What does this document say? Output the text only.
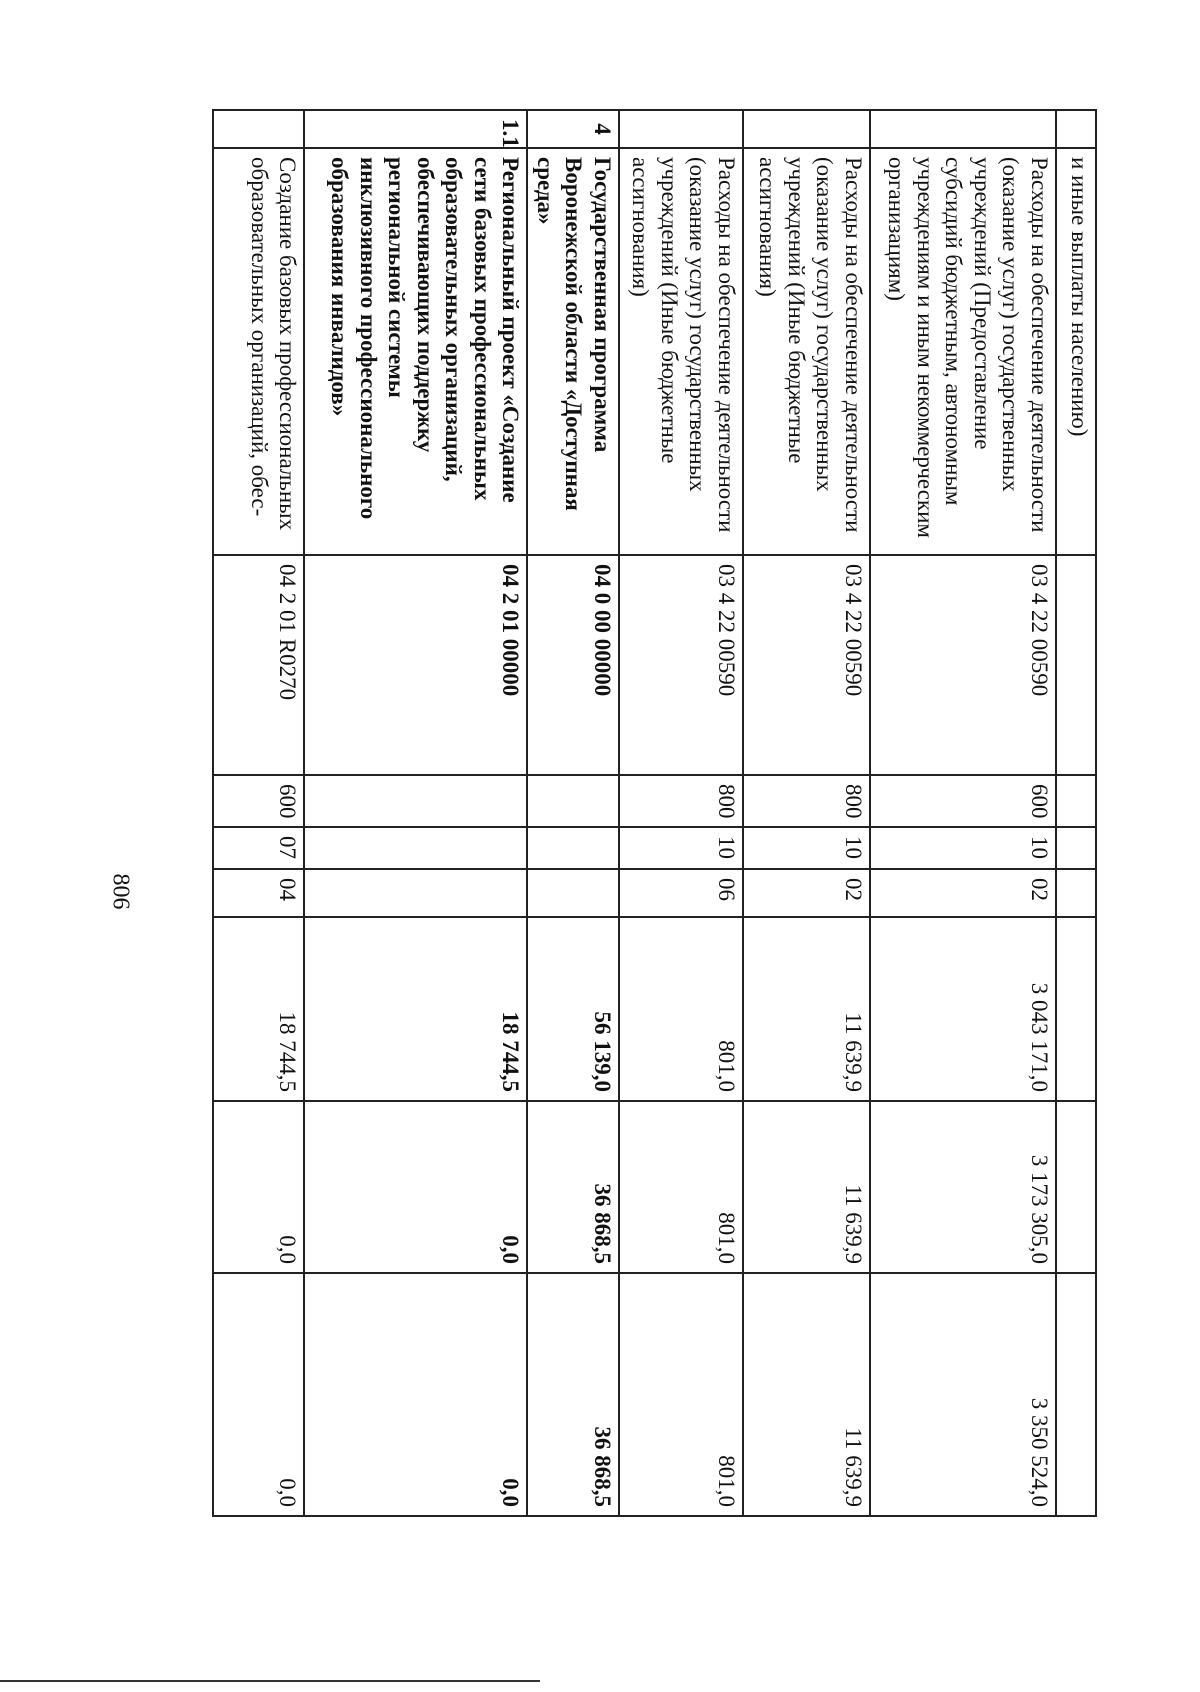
806
	и иные выплаты населению)							
	Расходы на обеспечение деятельности (оказание услуг) государственных учреждений (Предоставление субсидий бюджетным, автономным учреждениям и иным некоммерческим организациям)	03 4 22 00590	600	10	02	3 043 171,0	3 173 305,0	3 350 524,0
	Расходы на обеспечение деятельности (оказание услуг) государственных учреждений (Иные бюджетные ассигнования)	03 4 22 00590	800	10	02	11 639,9	11 639,9	11 639,9
	Расходы на обеспечение деятельности (оказание услуг) государственных учреждений (Иные бюджетные ассигнования)	03 4 22 00590	800	10	06	801,0	801,0	801,0
4	Государственная программа Воронежской области «Доступная среда»	04 0 00 00000				56 139,0	36 868,5	36 868,5
1.1	Региональный проект «Создание сети базовых профессиональных образовательных организаций, обеспечивающих поддержку региональной системы инклюзивного профессионального образования инвалидов»	04 2 01 00000				18 744,5	0,0	0,0
	Создание базовых профессиональных образовательных организаций, обес-	04 2 01 R0270	600	07	04	18 744,5	0,0	0,0
